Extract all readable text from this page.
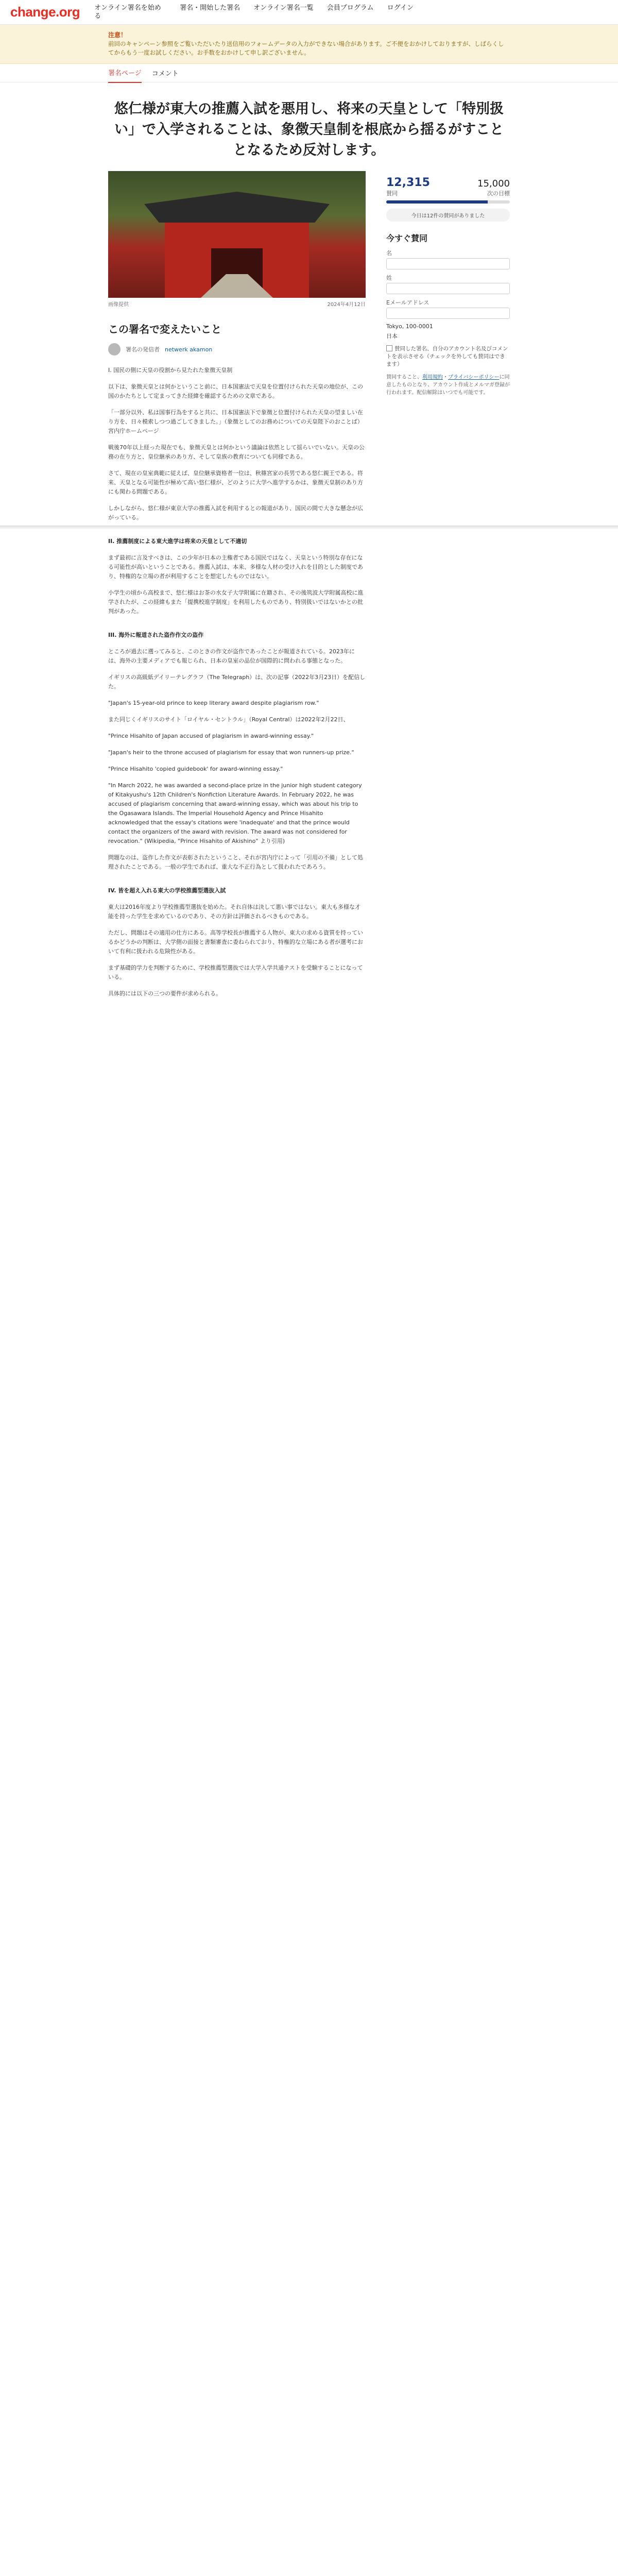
change.org オンライン署名を始める
署名・開始した署名 オンライン署名一覧 会員プログラム ログイン
注意！
前回のキャンペーン参照をご覧いただいたり送信用のフォームデータの入力ができない場合があります。ご不便をおかけしておりますが、しばらくしてからもう一度お試しください。お手数をおかけして申し訳ございません。
署名ページ コメント
悠仁様が東大の推薦入試を悪用し、将来の天皇として「特別扱い」で入学されることは、象徴天皇制を根底から揺るがすこととなるため反対します。
画像提供	2024年4月12日
この署名で変えたいこと
署名の発信者 netwerk akamon

I. 国民の側に天皇の役割から見たれた象徴天皇制

以下は、象徴天皇とは何かということ前に、日本国憲法で天皇を位置付けられた天皇の地位が、この国のかたちとして定まってきた経緯を確認するための文章である。

「一部分以外、私は国事行為をすると共に、日本国憲法下で象徴と位置付けられた天皇の望ましい在り方を、日々模索しつつ過ごしてきました。」（象徴としてのお務めについての天皇陛下のおことば）宮内庁ホームページ

戦後70年以上経った現在でも、象徴天皇とは何かという議論は依然として揺らいでいない。天皇の公務の在り方と、皇位継承のあり方、そして皇族の教育についても同様である。

さて、現在の皇室典範に従えば、皇位継承資格者一位は、秋篠宮家の長男である悠仁親王である。将来、天皇となる可能性が極めて高い悠仁様が、どのように大学へ進学するかは、象徴天皇制のあり方にも関わる問題である。

しかしながら、悠仁様が東京大学の推薦入試を利用するとの報道があり、国民の間で大きな懸念が広がっている。

II. 推薦制度による東大進学は将来の天皇として不適切

まず最初に言及すべきは、この少年が日本の主権者である国民ではなく、天皇という特別な存在になる可能性が高いということである。推薦入試は、本来、多様な人材の受け入れを目的とした制度であり、特権的な立場の者が利用することを想定したものではない。

小学生の頃から高校まで、悠仁様はお茶の水女子大学附属に在籍され、その後筑波大学附属高校に進学されたが、この経緯もまた「提携校進学制度」を利用したものであり、特別扱いではないかとの批判があった。

III. 海外に報道された盗作作文の盗作

ところが過去に遡ってみると、このときの作文が盗作であったことが報道されている。2023年には、海外の主要メディアでも報じられ、日本の皇室の品位が国際的に問われる事態となった。

イギリスの高級紙デイリーテレグラフ（The Telegraph）は、次の記事（2022年3月23日）を配信した。

"Japan's 15-year-old prince to keep literary award despite plagiarism row."

また同じくイギリスのサイト「ロイヤル・セントラル」（Royal Central）は2022年2月22日、

"Prince Hisahito of Japan accused of plagiarism in award-winning essay."

"Japan's heir to the throne accused of plagiarism for essay that won runners-up prize."

"Prince Hisahito 'copied guidebook' for award-winning essay."

"In March 2022, he was awarded a second-place prize in the junior high student category of Kitakyushu's 12th Children's Nonfiction Literature Awards. In February 2022, he was accused of plagiarism concerning that award-winning essay, which was about his trip to the Ogasawara Islands. The Imperial Household Agency and Prince Hisahito acknowledged that the essay's citations were 'inadequate' and that the prince would contact the organizers of the award with revision. The award was not considered for revocation." (Wikipedia, "Prince Hisahito of Akishino" より引用)

問題なのは、盗作した作文が表彰されたということ、それが宮内庁によって「引用の不備」として処理されたことである。一般の学生であれば、重大な不正行為として扱われたであろう。

IV. 皆を超え入れる東大の学校推薦型選抜入試

東大は2016年度より学校推薦型選抜を始めた。それ自体は決して悪い事ではない。東大も多様な才能を持った学生を求めているのであり、その方針は評価されるべきものである。

ただし、問題はその適用の仕方にある。高等学校長が推薦する人物が、東大の求める資質を持っているかどうかの判断は、大学側の面接と書類審査に委ねられており、特権的な立場にある者が選考において有利に扱われる危険性がある。

まず基礎的学力を判断するために、学校推薦型選抜では大学入学共通テストを受験することになっている。

具体的には以下の三つの要件が求められる。

12,315	15,000
賛同	次の目標
今日は12件の賛同がありました
今すぐ賛同
名
姓
Eメールアドレス
Tokyo, 100-0001
日本
賛同した署名、自分のアカウント名及びコメントを表示させる（チェックを外しても賛同はできます）
賛同すること、利用規約・プライバシーポリシーに同意したものとなり、アカウント作成とメルマガ登録が行われます。配信解除はいつでも可能です。
